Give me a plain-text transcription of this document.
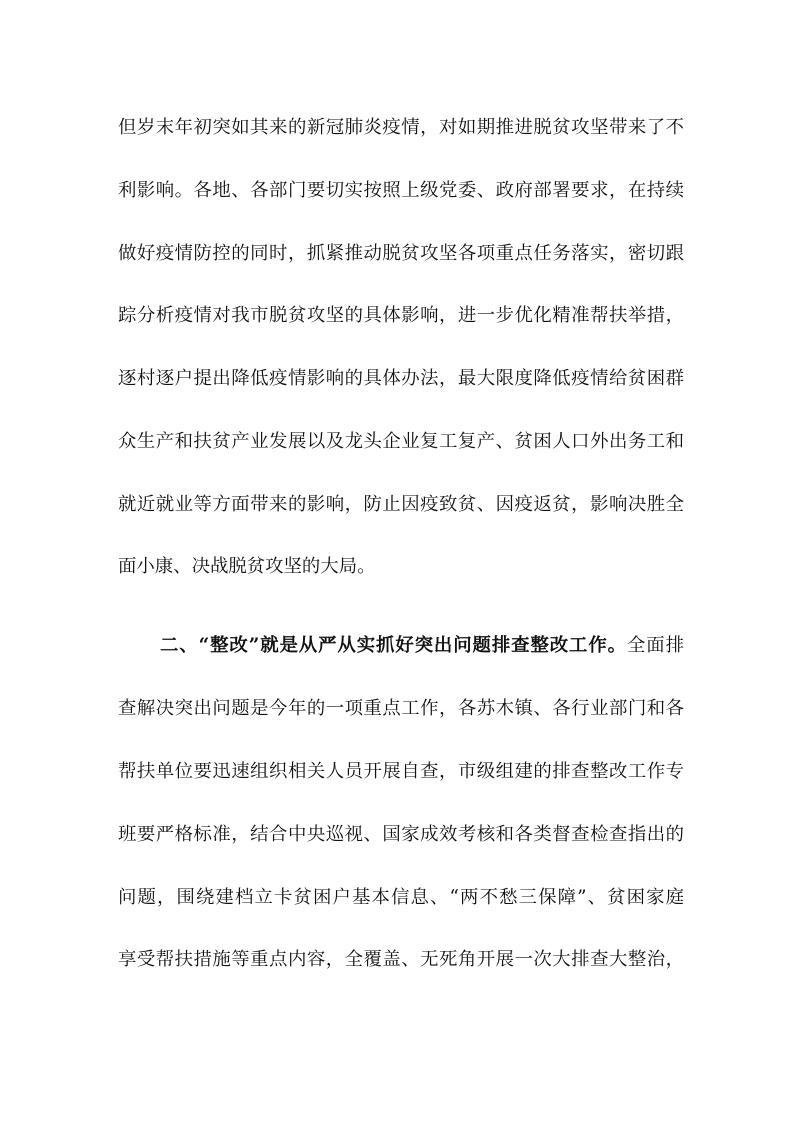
但岁末年初突如其来的新冠肺炎疫情，对如期推进脱贫攻坚带来了不
利影响。各地、各部门要切实按照上级党委、政府部署要求，在持续
做好疫情防控的同时，抓紧推动脱贫攻坚各项重点任务落实，密切跟
踪分析疫情对我市脱贫攻坚的具体影响，进一步优化精准帮扶举措，
逐村逐户提出降低疫情影响的具体办法，最大限度降低疫情给贫困群
众生产和扶贫产业发展以及龙头企业复工复产、贫困人口外出务工和
就近就业等方面带来的影响，防止因疫致贫、因疫返贫，影响决胜全
面小康、决战脱贫攻坚的大局。
二、“整改”就是从严从实抓好突出问题排查整改工作。全面排
查解决突出问题是今年的一项重点工作，各苏木镇、各行业部门和各
帮扶单位要迅速组织相关人员开展自查，市级组建的排查整改工作专
班要严格标准，结合中央巡视、国家成效考核和各类督查检查指出的
问题，围绕建档立卡贫困户基本信息、“两不愁三保障”、贫困家庭
享受帮扶措施等重点内容，全覆盖、无死角开展一次大排查大整治，
